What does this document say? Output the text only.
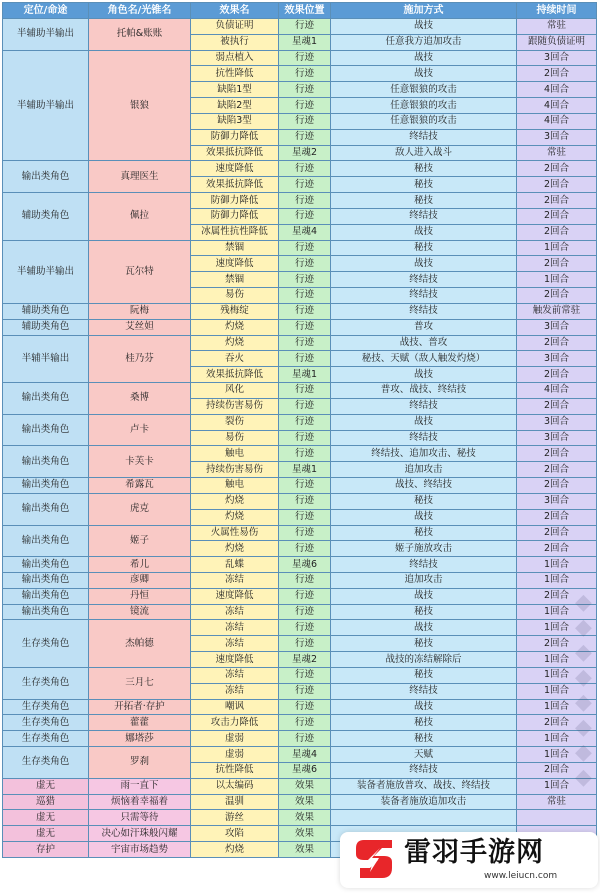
定位/命途	角色名/光锥名	效果名	效果位置	施加方式	持续时间
半辅助半输出	托帕&账账	负债证明	行迹	战技	常驻
		被执行	星魂1	任意我方追加攻击	跟随负债证明
半辅助半输出	银狼	弱点植入	行迹	战技	3回合
		抗性降低	行迹	战技	2回合
		缺陷1型	行迹	任意银狼的攻击	4回合
		缺陷2型	行迹	任意银狼的攻击	4回合
		缺陷3型	行迹	任意银狼的攻击	4回合
		防御力降低	行迹	终结技	3回合
		效果抵抗降低	星魂2	敌人进入战斗	常驻
输出类角色	真理医生	速度降低	行迹	秘技	2回合
		效果抵抗降低	行迹	秘技	2回合
辅助类角色	佩拉	防御力降低	行迹	秘技	2回合
		防御力降低	行迹	终结技	2回合
		冰属性抗性降低	星魂4	战技	2回合
半辅助半输出	瓦尔特	禁锢	行迹	秘技	1回合
		速度降低	行迹	战技	2回合
		禁锢	行迹	终结技	1回合
		易伤	行迹	终结技	2回合
辅助类角色	阮梅	残梅绽	行迹	终结技	触发前常驻
辅助类角色	艾丝妲	灼烧	行迹	普攻	3回合
半辅半输出	桂乃芬	灼烧	行迹	战技、普攻	2回合
		吞火	行迹	秘技、天赋（敌人触发灼烧）	3回合
		效果抵抗降低	星魂1	战技	2回合
输出类角色	桑博	风化	行迹	普攻、战技、终结技	4回合
		持续伤害易伤	行迹	终结技	2回合
输出类角色	卢卡	裂伤	行迹	战技	3回合
		易伤	行迹	终结技	3回合
输出类角色	卡芙卡	触电	行迹	终结技、追加攻击、秘技	2回合
		持续伤害易伤	星魂1	追加攻击	2回合
输出类角色	希露瓦	触电	行迹	战技、终结技	2回合
输出类角色	虎克	灼烧	行迹	秘技	3回合
		灼烧	行迹	战技	2回合
输出类角色	姬子	火属性易伤	行迹	秘技	2回合
		灼烧	行迹	姬子施放攻击	2回合
输出类角色	希儿	乱蝶	星魂6	终结技	1回合
输出类角色	彦卿	冻结	行迹	追加攻击	1回合
输出类角色	丹恒	速度降低	行迹	战技	2回合
输出类角色	镜流	冻结	行迹	秘技	1回合
生存类角色	杰帕德	冻结	行迹	战技	1回合
		冻结	行迹	秘技	2回合
		速度降低	星魂2	战技的冻结解除后	1回合
生存类角色	三月七	冻结	行迹	秘技	1回合
		冻结	行迹	终结技	1回合
生存类角色	开拓者·存护	嘲讽	行迹	战技	1回合
生存类角色	藿藿	攻击力降低	行迹	秘技	2回合
生存类角色	娜塔莎	虚弱	行迹	秘技	1回合
生存类角色	罗刹	虚弱	星魂4	天赋	1回合
		抗性降低	星魂6	终结技	2回合
虚无	雨一直下	以太编码	效果	装备者施放普攻、战技、终结技	1回合
巡猎	烦恼着幸福着	温驯	效果	装备者施放追加攻击	常驻
虚无	只需等待	游丝	效果		
虚无	决心如汗珠般闪耀	攻陷	效果		
存护	宇宙市场趋势	灼烧	效果		
◆◆◆◆◆◆◆◆
雷羽手游网
www.leiucn.com
